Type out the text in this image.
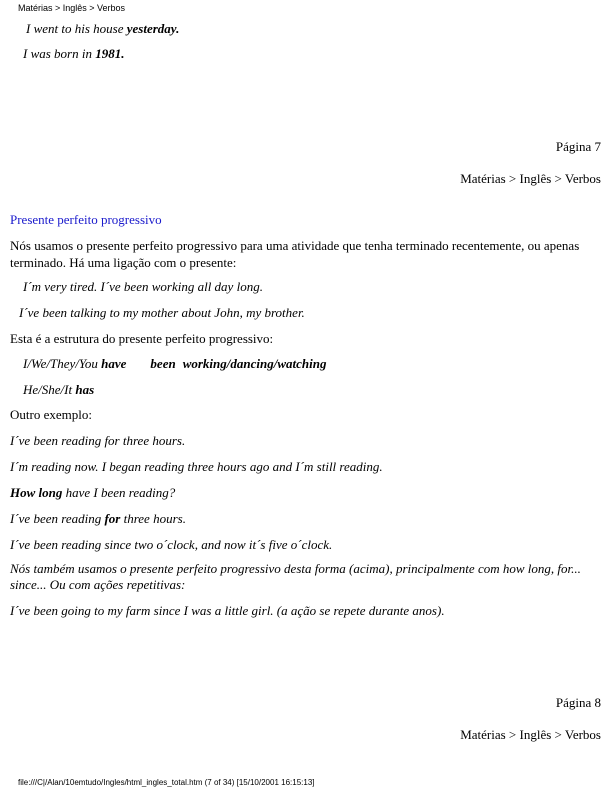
Matérias > Inglês > Verbos
I went to his house yesterday.
I was born in 1981.
Página 7
Matérias > Inglês > Verbos
Presente perfeito progressivo
Nós usamos o presente perfeito progressivo para uma atividade que tenha terminado recentemente, ou apenas terminado. Há uma ligação com o presente:
I´m very tired. I´ve been working all day long.
I´ve been talking to my mother about John, my brother.
Esta é a estrutura do presente perfeito progressivo:
I/We/They/You have been working/dancing/watching
He/She/It has
Outro exemplo:
I´ve been reading for three hours.
I´m reading now. I began reading three hours ago and I´m still reading.
How long have I been reading?
I´ve been reading for three hours.
I´ve been reading since two o´clock, and now it´s five o´clock.
Nós também usamos o presente perfeito progressivo desta forma (acima), principalmente com how long, for... since... Ou com ações repetitivas:
I´ve been going to my farm since I was a little girl. (a ação se repete durante anos).
Página 8
Matérias > Inglês > Verbos
file:///C|/Alan/10emtudo/Ingles/html_ingles_total.htm (7 of 34) [15/10/2001 16:15:13]
